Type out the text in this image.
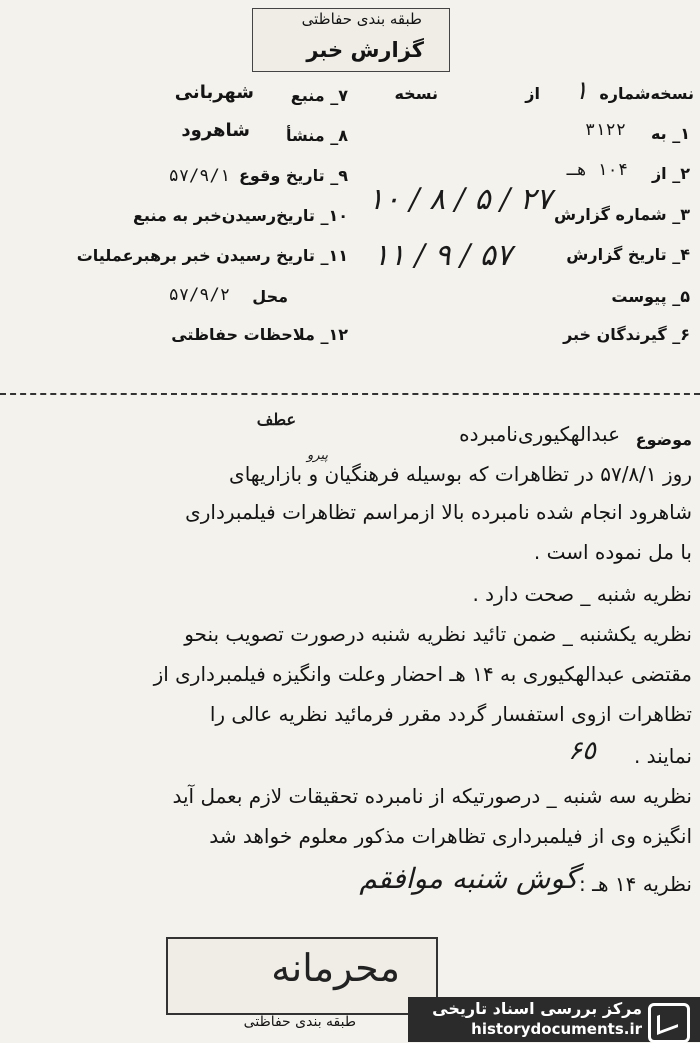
طبقه بندی حفاظتی
گزارش خبر
نسخه‌شماره
۱
از
نسخه
۷_ منبع
شهربانی
۱_ به
۳۱۲۲
۸_ منشأ
شاهرود
۲_ از
۱۰۴ هـ
۹_ تاریخ وقوع
۵۷/۹/۱
۳_ شماره گزارش
۲۷ / ۵ / ۸ / ۱۰
۱۰_ تاریخ‌رسیدن‌خبر به منبع
۴_ تاریخ گزارش
۵۷ / ۹ / ۱۱
۱۱_ تاریخ رسیدن خبر برهبرعملیات
۵_ پیوست
محل
۵۷/۹/۲
۶_ گیرندگان خبر
۱۲_ ملاحظات حفاظتی
موضوع
عبدالهکیوری‌نامبرده
عطف
پیرو
روز ۵۷/۸/۱ در تظاهرات که بوسیله فرهنگیان و بازاریهای
شاهرود انجام شده نامبرده بالا ازمراسم تظاهرات فیلمبرداری
با مل نموده است .
نظریه شنبه _ صحت دارد .
نظریه یکشنبه _ ضمن تائید نظریه شنبه درصورت تصویب بنحو
مقتضی عبدالهکیوری به ۱۴ هـ احضار وعلت وانگیزه فیلمبرداری از
تظاهرات ازوی استفسار گردد مقرر فرمائید نظریه عالی را
نمایند .
۶٥
نظریه سه شنبه _ درصورتیکه از نامبرده تحقیقات لازم بعمل آید
انگیزه وی از فیلمبرداری تظاهرات مذکور معلوم خواهد شد
نظریه ۱۴ هـ :
گوش شنبه موافقم
محرمانه
طبقه بندی حفاظتی
مرکز بررسی اسناد تاریخی
historydocuments.ir
